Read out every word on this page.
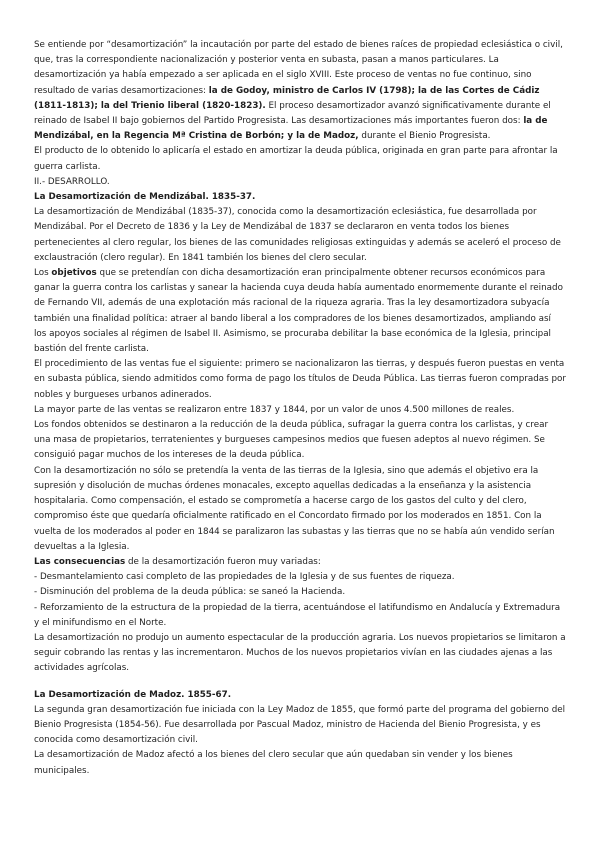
Se entiende por “desamortización” la incautación por parte del estado de bienes raíces de propiedad eclesiástica o civil, que, tras la correspondiente nacionalización y posterior venta en subasta, pasan a manos particulares. La desamortización ya había empezado a ser aplicada en el siglo XVIII. Este proceso de ventas no fue continuo, sino resultado de varias desamortizaciones: la de Godoy, ministro de Carlos IV (1798); la de las Cortes de Cádiz (1811-1813); la del Trienio liberal (1820-1823). El proceso desamortizador avanzó significativamente durante el reinado de Isabel II bajo gobiernos del Partido Progresista. Las desamortizaciones más importantes fueron dos: la de Mendizábal, en la Regencia Mª Cristina de Borbón; y la de Madoz, durante el Bienio Progresista.

El producto de lo obtenido lo aplicaría el estado en amortizar la deuda pública, originada en gran parte para afrontar la guerra carlista.

II.- DESARROLLO.

La Desamortización de Mendizábal. 1835-37.

La desamortización de Mendizábal (1835-37), conocida como la desamortización eclesiástica, fue desarrollada por Mendizábal. Por el Decreto de 1836 y la Ley de Mendizábal de 1837 se declararon en venta todos los bienes pertenecientes al clero regular, los bienes de las comunidades religiosas extinguidas y además se aceleró el proceso de exclaustración (clero regular). En 1841 también los bienes del clero secular.

Los objetivos que se pretendían con dicha desamortización eran principalmente obtener recursos económicos para ganar la guerra contra los carlistas y sanear la hacienda cuya deuda había aumentado enormemente durante el reinado de Fernando VII, además de una explotación más racional de la riqueza agraria. Tras la ley desamortizadora subyacía también una finalidad política: atraer al bando liberal a los compradores de los bienes desamortizados, ampliando así los apoyos sociales al régimen de Isabel II. Asimismo, se procuraba debilitar la base económica de la Iglesia, principal bastión del frente carlista.

El procedimiento de las ventas fue el siguiente: primero se nacionalizaron las tierras, y después fueron puestas en venta en subasta pública, siendo admitidos como forma de pago los títulos de Deuda Pública. Las tierras fueron compradas por nobles y burgueses urbanos adinerados.

La mayor parte de las ventas se realizaron entre 1837 y 1844, por un valor de unos 4.500 millones de reales.

Los fondos obtenidos se destinaron a la reducción de la deuda pública, sufragar la guerra contra los carlistas, y crear una masa de propietarios, terratenientes y burgueses campesinos medios que fuesen adeptos al nuevo régimen. Se consiguió pagar muchos de los intereses de la deuda pública.

Con la desamortización no sólo se pretendía la venta de las tierras de la Iglesia, sino que además el objetivo era la supresión y disolución de muchas órdenes monacales, excepto aquellas dedicadas a la enseñanza y la asistencia hospitalaria. Como compensación, el estado se comprometía a hacerse cargo de los gastos del culto y del clero, compromiso éste que quedaría oficialmente ratificado en el Concordato firmado por los moderados en 1851. Con la vuelta de los moderados al poder en 1844 se paralizaron las subastas y las tierras que no se había aún vendido serían devueltas a la Iglesia.

Las consecuencias de la desamortización fueron muy variadas:

- Desmantelamiento casi completo de las propiedades de la Iglesia y de sus fuentes de riqueza.

- Disminución del problema de la deuda pública: se saneó la Hacienda.

- Reforzamiento de la estructura de la propiedad de la tierra, acentuándose el latifundismo en Andalucía y Extremadura y el minifundismo en el Norte.

La desamortización no produjo un aumento espectacular de la producción agraria. Los nuevos propietarios se limitaron a seguir cobrando las rentas y las incrementaron. Muchos de los nuevos propietarios vivían en las ciudades ajenas a las actividades agrícolas.

La Desamortización de Madoz. 1855-67.

La segunda gran desamortización fue iniciada con la Ley Madoz de 1855, que formó parte del programa del gobierno del Bienio Progresista (1854-56). Fue desarrollada por Pascual Madoz, ministro de Hacienda del Bienio Progresista, y es conocida como desamortización civil.

La desamortización de Madoz afectó a los bienes del clero secular que aún quedaban sin vender y los bienes municipales.
